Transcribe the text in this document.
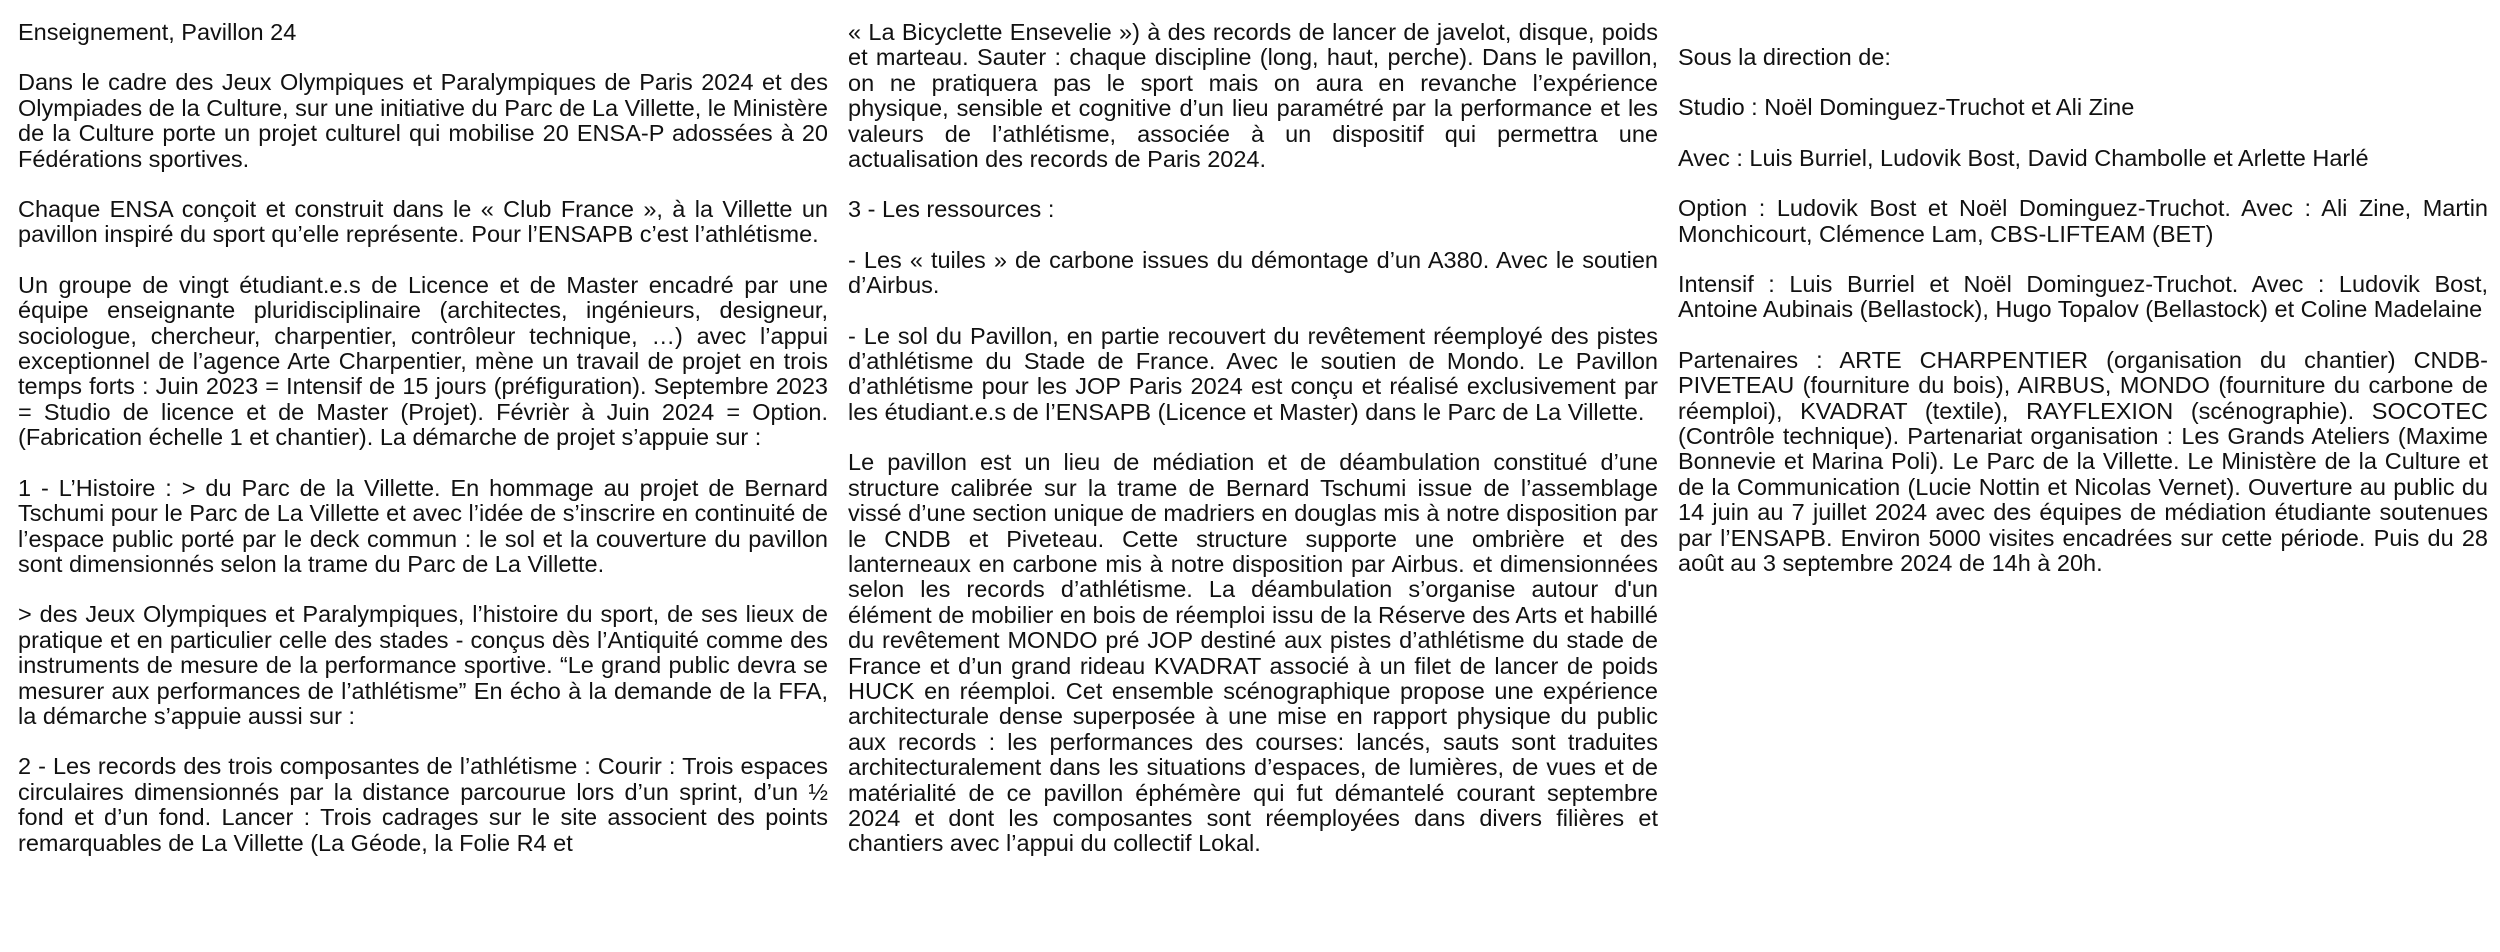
Enseignement, Pavillon 24

Dans le cadre des Jeux Olympiques et Paralympiques de Paris 2024 et des Olympiades de la Culture, sur une initiative du Parc de La Villette, le Ministère de la Culture porte un projet culturel qui mobilise 20 ENSA-P adossées à 20 Fédérations sportives.

Chaque ENSA conçoit et construit dans le « Club France », à la Villette un pavillon inspiré du sport qu’elle représente. Pour l’ENSAPB c’est l’athlétisme.

Un groupe de vingt étudiant.e.s de Licence et de Master encadré par une équipe enseignante pluridisciplinaire (architectes, ingénieurs, designeur, sociologue, chercheur, charpentier, contrôleur technique, …) avec l’appui exceptionnel de l’agence Arte Charpentier, mène un travail de projet en trois temps forts : Juin 2023 = Intensif de 15 jours (préfiguration). Septembre 2023 = Studio de licence et de Master (Projet). Févrièr à Juin 2024 = Option. (Fabrication échelle 1 et chantier). La démarche de projet s’appuie sur :

1 - L’Histoire : > du Parc de la Villette. En hommage au projet de Bernard Tschumi pour le Parc de La Villette et avec l’idée de s’inscrire en continuité de l’espace public porté par le deck commun : le sol et la couverture du pavillon sont dimensionnés selon la trame du Parc de La Villette.

> des Jeux Olympiques et Paralympiques, l’histoire du sport, de ses lieux de pratique et en particulier celle des stades - conçus dès l’Antiquité comme des instruments de mesure de la performance sportive. “Le grand public devra se mesurer aux performances de l’athlétisme” En écho à la demande de la FFA, la démarche s’appuie aussi sur :

2 - Les records des trois composantes de l’athlétisme : Courir : Trois espaces circulaires dimensionnés par la distance parcourue lors d’un sprint, d’un ½ fond et d’un fond. Lancer : Trois cadrages sur le site associent des points remarquables de La Villette (La Géode, la Folie R4 et

« La Bicyclette Ensevelie ») à des records de lancer de javelot, disque, poids et marteau. Sauter : chaque discipline (long, haut, perche). Dans le pavillon, on ne pratiquera pas le sport mais on aura en revanche l’expérience physique, sensible et cognitive d’un lieu paramétré par la performance et les valeurs de l’athlétisme, associée à un dispositif qui permettra une actualisation des records de Paris 2024.

3 - Les ressources :

- Les « tuiles » de carbone issues du démontage d’un A380. Avec le soutien d’Airbus.

- Le sol du Pavillon, en partie recouvert du revêtement réemployé des pistes d’athlétisme du Stade de France. Avec le soutien de Mondo. Le Pavillon d’athlétisme pour les JOP Paris 2024 est conçu et réalisé exclusivement par les étudiant.e.s de l’ENSAPB (Licence et Master) dans le Parc de La Villette.

Le pavillon est un lieu de médiation et de déambulation constitué d’une structure calibrée sur la trame de Bernard Tschumi issue de l’assemblage vissé d’une section unique de madriers en douglas mis à notre disposition par le CNDB et Piveteau. Cette structure supporte une ombrière et des lanterneaux en carbone mis à notre disposition par Airbus. et dimensionnées selon les records d’athlétisme. La déambulation s’organise autour d'un élément de mobilier en bois de réemploi issu de la Réserve des Arts et habillé du revêtement MONDO pré JOP destiné aux pistes d’athlétisme du stade de France et d’un grand rideau KVADRAT associé à un filet de lancer de poids HUCK en réemploi. Cet ensemble scénographique propose une expérience architecturale dense superposée à une mise en rapport physique du public aux records : les performances des courses: lancés, sauts sont traduites architecturalement dans les situations d’espaces, de lumières, de vues et de matérialité de ce pavillon éphémère qui fut démantelé courant septembre 2024 et dont les composantes sont réemployées dans divers filières et chantiers avec l’appui du collectif Lokal.

Sous la direction de:

Studio : Noël Dominguez-Truchot et Ali Zine

Avec : Luis Burriel, Ludovik Bost, David Chambolle et Arlette Harlé

Option : Ludovik Bost et Noël Dominguez-Truchot. Avec : Ali Zine, Martin Monchicourt, Clémence Lam, CBS-LIFTEAM (BET)

Intensif : Luis Burriel et Noël Dominguez-Truchot. Avec : Ludovik Bost, Antoine Aubinais (Bellastock), Hugo Topalov (Bellastock) et Coline Madelaine

Partenaires : ARTE CHARPENTIER (organisation du chantier) CNDB-PIVETEAU (fourniture du bois), AIRBUS, MONDO (fourniture du carbone de réemploi), KVADRAT (textile), RAYFLEXION (scénographie). SOCOTEC (Contrôle technique). Partenariat organisation : Les Grands Ateliers (Maxime Bonnevie et Marina Poli). Le Parc de la Villette. Le Ministère de la Culture et de la Communication (Lucie Nottin et Nicolas Vernet). Ouverture au public du 14 juin au 7 juillet 2024 avec des équipes de médiation étudiante soutenues par l’ENSAPB. Environ 5000 visites encadrées sur cette période. Puis du 28 août au 3 septembre 2024 de 14h à 20h.
